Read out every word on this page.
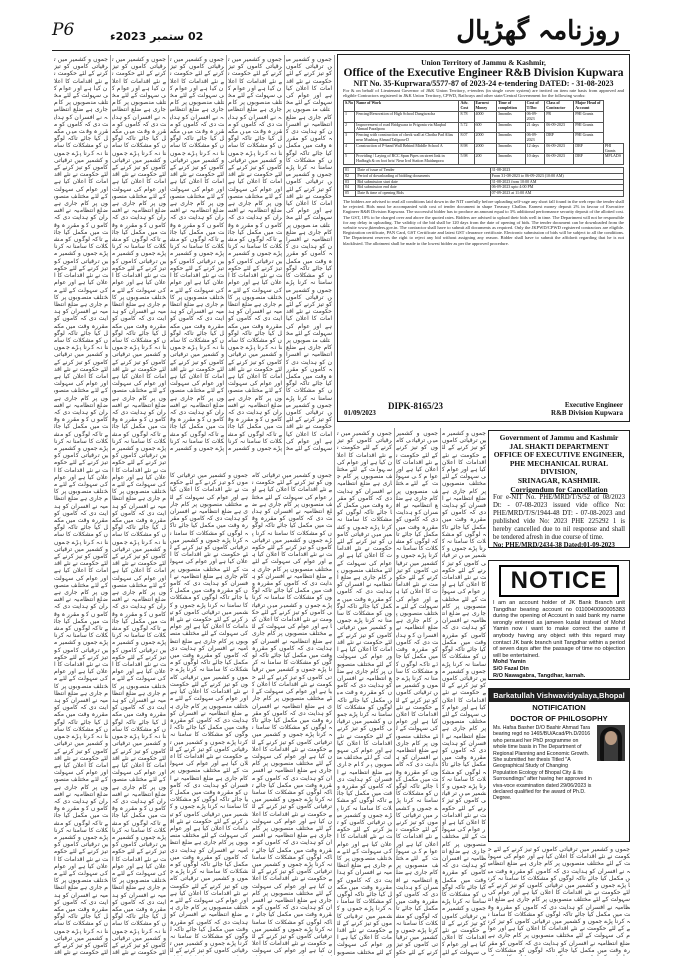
P6	02 ستمبر 2023ء	روزنامہ گھڑیال
جموں و کشمیر میں ترقیاتی کاموں کو تیز کرنے کے لئے حکومت نے نئے اقدامات کا اعلان کیا ہے اور عوام کی سہولت کے لئے مختلف منصوبوں پر کام جاری ہے ضلع انتظامیہ نے افسران کو ہدایت دی کہ کاموں کو مقررہ وقت میں مکمل کیا جائے تاکہ لوگوں کو مشکلات کا سامنا نہ کرنا پڑے جموں و کشمیر میں ترقیاتی کاموں کو تیز کرنے کے لئے حکومت نے نئے اقدامات کا اعلان کیا ہے اور عوام کی سہولت کے لئے مختلف منصوبوں پر کام جاری ہے ضلع انتظامیہ نے افسران کو ہدایت دی کہ کاموں کو مقررہ وقت میں مکمل کیا جائے تاکہ لوگوں کو مشکلات کا سامنا نہ کرنا پڑے جموں و کشمیر میں ترقیاتی کاموں کو تیز کرنے کے لئے حکومت نے نئے اقدامات کا اعلان کیا ہے اور عوام کی سہولت کے لئے مختلف منصوبوں پر کام جاری ہے ضلع انتظامیہ نے افسران کو ہدایت دی کہ کاموں کو مقررہ وقت میں مکمل کیا جائے تاکہ لوگوں کو مشکلات کا سامنا نہ کرنا پڑے جموں و کشمیر میں ترقیاتی کاموں کو تیز کرنے کے لئے حکومت نے نئے اقدامات کا اعلان کیا ہے اور عوام کی سہولت کے لئے مختلف منصوبوں پر کام جاری ہے ضلع انتظامیہ نے افسران کو ہدایت دی کہ کاموں کو مقررہ وقت میں مکمل کیا جائے تاکہ لوگوں کو مشکلات کا سامنا نہ کرنا پڑے جموں و کشمیر میں ترقیاتی کاموں کو تیز کرنے کے لئے حکومت نے نئے اقدامات کا اعلان کیا ہے اور عوام کی سہولت کے لئے مختلف منصوبوں پر کام جاری ہے ضلع انتظامیہ نے افسران کو ہدایت دی کہ کاموں کو مقررہ وقت میں مکمل کیا جائے تاکہ لوگوں کو مشکلات کا سامنا نہ کرنا پڑے جموں و کشمیر میں ترقیاتی کاموں کو تیز کرنے کے لئے حکومت نے نئے اقدامات کا اعلان کیا ہے اور عوام کی سہولت کے لئے مختلف منصوبوں پر کام جاری ہے ضلع انتظامیہ نے افسران کو ہدایت دی کہ کاموں کو مقررہ وقت میں مکمل کیا جائے تاکہ لوگوں کو مشکلات کا سامنا نہ کرنا پڑے جموں و کشمیر میں ترقیاتی کاموں کو تیز کرنے کے لئے حکومت نے نئے اقدامات کا اعلان کیا ہے اور عوام کی سہولت کے لئے مختلف منصوبوں پر کام جاری ہے ضلع انتظامیہ نے افسران کو ہدایت دی کہ کاموں کو مقررہ وقت میں مکمل کیا جائے تاکہ لوگوں کو مشکلات کا سامنا نہ کرنا پڑے جموں و کشمیر میں ترقیاتی کاموں کو تیز کرنے کے لئے حکومت نے نئے اقدامات کا اعلان کیا ہے اور عوام کی سہولت کے لئے مختلف منصوبوں پر کام جاری ہے ضلع انتظامیہ نے افسران کو ہدایت دی کہ کاموں کو مقررہ وقت میں مکمل کیا جائے تاکہ لوگوں کو مشکلات کا سامنا نہ کرنا پڑے جموں و کشمیر میں ترقیاتی کاموں کو تیز کرنے کے لئے حکومت نے نئے اقدامات کا اعلان کیا ہے اور عوام کی سہولت کے لئے مختلف منصوبوں پر کام جاری ہے ضلع انتظامیہ نے افسران کو ہدایت دی کہ کاموں کو مقررہ وقت میں مکمل کیا جائے تاکہ لوگوں کو مشکلات کا سامنا نہ کرنا پڑے جموں و کشمیر میں ترقیاتی کاموں کو تیز کرنے کے لئے حکومت نے نئے اقد
جموں و کشمیر میں ترقیاتی کاموں کو تیز کرنے کے لئے حکومت نے نئے اقدامات کا اعلان کیا ہے اور عوام کی سہولت کے لئے مختلف منصوبوں پر کام جاری ہے ضلع انتظامیہ نے افسران کو ہدایت دی کہ کاموں کو مقررہ وقت میں مکمل کیا جائے تاکہ لوگوں کو مشکلات کا سامنا نہ کرنا پڑے جموں و کشمیر میں ترقیاتی کاموں کو تیز کرنے کے لئے حکومت نے نئے اقدامات کا اعلان کیا ہے اور عوام کی سہولت کے لئے مختلف منصوبوں پر کام جاری ہے ضلع انتظامیہ نے افسران کو ہدایت دی کہ کاموں کو مقررہ وقت میں مکمل کیا جائے تاکہ لوگوں کو مشکلات کا سامنا نہ کرنا پڑے جموں و کشمیر میں ترقیاتی کاموں کو تیز کرنے کے لئے حکومت نے نئے اقدامات کا اعلان کیا ہے اور عوام کی سہولت کے لئے مختلف منصوبوں پر کام جاری ہے ضلع انتظامیہ نے افسران کو ہدایت دی کہ کاموں کو مقررہ وقت میں مکمل کیا جائے تاکہ لوگوں کو مشکلات کا سامنا نہ کرنا پڑے جموں و کشمیر میں ترقیاتی کاموں کو تیز کرنے کے لئے حکومت نے نئے اقدامات کا اعلان کیا ہے اور عوام کی سہولت کے لئے مختلف منصوبوں پر کام جاری ہے ضلع انتظامیہ نے افسران کو ہدایت دی کہ کاموں کو مقررہ وقت میں مکمل کیا جائے تاکہ لوگوں کو مشکلات کا سامنا نہ کرنا پڑے جموں و کشمیر میں ترقیاتی کاموں کو تیز کرنے کے لئے حکومت نے نئے اقدامات کا اعلان کیا ہے اور عوام کی سہولت کے لئے مختلف منصوبوں پر کام جاری ہے ضلع انتظامیہ نے افسران کو ہدایت دی کہ کاموں کو مقررہ وقت میں مکمل کیا جائے تاکہ لوگوں کو مشکلات کا سامنا نہ کرنا پڑے جموں و کشمیر میں ترقیاتی کاموں کو تیز کرنے کے لئے حکومت نے نئے اقدامات کا اعلان کیا ہے اور عوام کی سہولت کے لئے مختلف منصوبوں پر کام جاری ہے ضلع انتظامیہ نے افسران کو ہدایت دی کہ کاموں کو مقررہ وقت میں مکمل کیا جائے تاکہ لوگوں کو مشکلات کا سامنا نہ کرنا پڑے جموں و کشمیر میں ترقیاتی کاموں کو تیز کرنے کے لئے حکومت نے نئے اقدامات کا اعلان کیا ہے اور عوام کی سہولت کے لئے مختلف منصوبوں پر کام جاری ہے ضلع انتظامیہ نے افسران کو ہدایت دی کہ کاموں کو مقررہ وقت میں مکمل کیا جائے تاکہ لوگوں کو مشکلات کا سامنا نہ کرنا پڑے جموں و کشمیر میں ترقیاتی کاموں کو تیز کرنے کے لئے حکومت نے نئے اقدامات کا اعلان کیا ہے اور عوام کی سہولت کے لئے مختلف منصوبوں پر کام جاری ہے ضلع انتظامیہ نے افسران کو ہدایت دی کہ کاموں کو مقررہ وقت میں مکمل کیا جائے تاکہ لوگوں کو مشکلات کا سامنا نہ کرنا پڑے جموں و کشمیر میں ترقیاتی کاموں کو تیز کرنے کے لئے حکومت نے نئے اقدامات کا اعلان کیا ہے اور عوام کی سہولت کے لئے مختلف منصوبوں پر کام جاری ہے ضلع انتظامیہ نے افسران کو ہدایت دی کہ کاموں کو مقررہ وقت میں مکمل کیا جائے تاکہ لوگوں کو مشکلات کا سامنا نہ کرنا پڑے جموں و کشمیر میں ترقیاتی کاموں کو تیز کرنے کے لئے حکومت نے نئے اقد
جموں و کشمیر میں ترقیاتی کاموں کو تیز کرنے کے لئے حکومت نے نئے اقدامات کا اعلان کیا ہے اور عوام کی سہولت کے لئے مختلف منصوبوں پر کام جاری ہے ضلع انتظامیہ نے افسران کو ہدایت دی کہ کاموں کو مقررہ وقت میں مکمل کیا جائے تاکہ لوگوں کو مشکلات کا سامنا نہ کرنا پڑے جموں و کشمیر میں ترقیاتی کاموں کو تیز کرنے کے لئے حکومت نے نئے اقدامات کا اعلان کیا ہے اور عوام کی سہولت کے لئے مختلف منصوبوں پر کام جاری ہے ضلع انتظامیہ نے افسران کو ہدایت دی کہ کاموں کو مقررہ وقت میں مکمل کیا جائے تاکہ لوگوں کو مشکلات کا سامنا نہ کرنا پڑے جموں و کشمیر میں ترقیاتی کاموں کو تیز کرنے کے لئے حکومت نے نئے اقدامات کا اعلان کیا ہے اور عوام کی سہولت کے لئے مختلف منصوبوں پر کام جاری ہے ضلع انتظامیہ نے افسران کو ہدایت دی کہ کاموں کو مقررہ وقت میں مکمل کیا جائے تاکہ لوگوں کو مشکلات کا سامنا نہ کرنا پڑے جموں و کشمیر میں ترقیاتی کاموں کو تیز کرنے کے لئے حکومت نے نئے اقدامات کا اعلان کیا ہے اور عوام کی سہولت کے لئے مختلف منصوبوں پر کام جاری ہے ضلع انتظامیہ نے افسران کو ہدایت دی کہ کاموں کو مقررہ وقت میں مکمل کیا جائے تاکہ لوگوں کو مشکلات کا سامنا نہ کرنا پڑے جموں و کشمیر م
جموں و کشمیر میں ترقیاتی کاموں کو تیز کرنے کے لئے حکومت نے نئے اقدامات کا اعلان کیا ہے اور عوام کی سہولت کے لئے مختلف منصوبوں پر کام جاری ہے ضلع انتظامیہ نے افسران کو ہدایت دی کہ کاموں کو مقررہ وقت میں مکمل کیا جائے تاکہ لوگوں کو مشکلات کا سامنا نہ کرنا پڑے جموں و کشمیر میں ترقیاتی کاموں کو تیز کرنے کے لئے حکومت نے نئے اقدامات کا اعلان کیا ہے اور عوام کی سہولت کے لئے مختلف منصوبوں پر کام جاری ہے ضلع انتظامیہ نے افسران کو ہدایت دی کہ کاموں کو مقررہ وقت میں مکمل کیا جائے تاکہ لوگوں کو مشکلات کا سامنا نہ کرنا پڑے جموں و کشمیر میں ترقیاتی کاموں کو تیز کرنے کے لئے حکومت نے نئے اقدامات کا اعلان کیا ہے اور عوام کی سہولت کے لئے مختلف منصوبوں پر کام جاری ہے ضلع انتظامیہ نے افسران کو ہدایت دی کہ کاموں کو مقررہ وقت میں مکمل کیا جائے تاکہ لوگوں کو مشکلات کا سامنا نہ کرنا پڑے جموں و کشمیر میں ترقیاتی کاموں کو تیز کرنے کے لئے حکومت نے نئے اقدامات کا اعلان کیا ہے اور عوام کی سہولت کے لئے مختلف منصوبوں پر کام جاری ہے ضلع انتظامیہ نے افسران کو ہدایت دی کہ کاموں کو مقررہ وقت میں مکمل کیا جائے تاکہ لوگوں کو مشکلات کا سامنا نہ کرنا پڑے جموں و کشمیر م
جموں و کشمیر میں ترقیاتی کاموں کو تیز کرنے کے لئے حکومت نے نئے اقدامات کا اعلان کیا ہے اور عوام کی سہولت کے لئے مختلف منصوبوں پر کام جاری ہے ضلع انتظامیہ نے افسران کو ہدایت دی کہ کاموں کو مقررہ وقت میں مکمل کیا جائے تاکہ لوگوں کو مشکلات کا سامنا نہ کرنا پڑے جموں و کشمیر میں ترقیاتی کاموں کو تیز کرنے کے لئے حکومت نے نئے اقدامات کا اعلان کیا ہے اور عوام کی سہولت کے لئے مختلف منصوبوں پر کام جاری ہے ضلع انتظامیہ نے افسران کو ہدایت دی کہ کاموں کو مقررہ وقت میں مکمل کیا جائے تاکہ لوگوں کو مشکلات کا سامنا نہ کرنا پڑے جموں و کشمیر میں ترقیاتی کاموں کو تیز کرنے کے لئے حکومت نے نئے اقدامات کا اعلان کیا ہے اور عوام کی سہولت کے لئے مختلف منصوبوں پر کام جاری ہے ضلع انتظامیہ نے افسران کو ہدایت دی کہ کاموں کو مقررہ وقت میں مکمل کیا جائے تاکہ لوگوں کو مشکلات کا سامنا نہ کرنا پڑے جموں و کشمیر میں ترقیاتی کاموں کو تیز کرنے کے لئے حکومت نے نئے اقدامات کا اعلان کیا ہے اور عوام کی سہولت کے لئے مخ
جموں و کشمیر میں ترقیاتی کاموں کو تیز کرنے کے لئے حکومت نے نئے اقدامات کا اعلان کیا ہے اور عوام کی سہولت کے لئے مختلف منصوبوں پر کام جاری ہے ضلع انتظامیہ نے افسران کو ہدایت دی کہ کاموں کو مقررہ وقت میں مکمل کیا جائے تاکہ لوگوں کو مشکلات کا سامنا نہ کرنا پڑے جموں و کشمیر میں ترقیاتی کاموں کو تیز کرنے کے لئے حکومت نے نئے اقدامات کا اعلان کیا ہے اور عوام کی سہولت کے لئے مختلف منصوبوں پر کام جاری ہے ضلع انتظامیہ نے افسران کو ہدایت دی کہ کاموں کو مقررہ وقت میں مکمل کیا جائے تاکہ لوگوں کو مشکلات کا سامنا نہ کرنا پڑے جموں و کشمیر میں ترقیاتی کاموں کو تیز کرنے کے لئے حکومت نے نئے اقدامات کا اعلان کیا ہے اور عوام کی سہولت کے لئے مختلف منصوبوں پر کام جاری ہے ضلع انتظامیہ نے افسران کو ہدایت دی کہ کاموں کو مقررہ وقت میں مکمل کیا جائے تاکہ لوگوں کو مشکلات کا سامنا نہ کرنا پڑے جموں و کشمیر میں ترقیاتی کاموں کو تیز کرنے کے لئے حکومت نے نئے اقدامات کا اعلان کیا ہے اور عوام کی سہولت کے لئے مختلف منصوبوں پر کام جاری ہے ضلع انتظامیہ نے افسران کو ہدایت دی کہ کاموں کو مقررہ وقت میں مکمل کیا جائے تاکہ لوگوں کو مشکلات کا سامنا نہ کرنا پڑے جموں و کشمیر میں ترقیاتی کاموں کو تیز کرنے کے لئے حکومت نے نئے اقدامات کا اعلان کیا ہے اور عوام کی سہولت کے لئے مختلف منصوبوں پر کام جاری ہے ضلع انتظامیہ نے افسران کو ہدایت دی کہ کاموں کو مقررہ وقت میں مکمل کیا جائے تاکہ لوگوں کو مشکلات کا سامنا نہ کرنا پڑے جموں و کشمیر میں ترقیاتی کاموں کو تیز کرنے کے لئے حکومت نے نئے اقدامات کا اعلان کیا ہے اور عوام کی سہولت کے لئے مختلف منصوبوں پر کام جاری ہے ضلع انتظامیہ نے افسران کو ہدایت دی کہ کاموں کو مقررہ وقت میں مکمل کیا جائے تاکہ لوگوں کو مشکلات کا سامنا نہ کرنا پڑے جموں و کشمیر میں ترقیاتی کاموں کو تیز کرنے کے لئے حکومت نے نئے اقدامات کا اعلان کیا ہے اور عوام کی سہولت کے لئے مختلف منصوبوں پر کام جاری ہے ضلع انتظامیہ نے افسران کو ہدایت دی کہ کاموں کو مقررہ وقت میں مکمل کیا جائے تاکہ لوگوں کو مشکلات کا سامنا نہ کرنا پڑے جموں و کشمیر میں ترقیاتی کاموں کو تیز کرنے کے لئ
جموں و کشمیر میں ترقیاتی کاموں کو تیز کرنے کے لئے حکومت نے نئے اقدامات کا اعلان کیا ہے اور عوام کی سہولت کے لئے مختلف منصوبوں پر کام جاری ہے ضلع انتظامیہ نے افسران کو ہدایت دی کہ کاموں کو مقررہ وقت میں مکمل کیا جائے تاکہ لوگوں کو مشکلات کا سامنا نہ کرنا پڑے جموں و کشمیر میں ترقیاتی کاموں کو تیز کرنے کے لئے حکومت نے نئے اقدامات کا اعلان کیا ہے اور عوام کی سہولت کے لئے مختلف منصوبوں پر کام جاری ہے ضلع انتظامیہ نے افسران کو ہدایت دی کہ کاموں کو مقررہ وقت میں مکمل کیا جائے تاکہ لوگوں کو مشکلات کا سامنا نہ کرنا پڑے جموں و کشمیر میں ترقیاتی کاموں کو تیز کرنے کے لئے حکومت نے نئے اقدامات کا اعلان کیا ہے اور عوام کی سہولت کے لئے مختلف منصوبوں پر کام جاری ہے ضلع انتظامیہ نے افسران کو ہدایت دی کہ کاموں کو مقررہ وقت میں مکمل کیا جائے تاکہ لوگوں کو مشکلات کا سامنا نہ کرنا پڑے جموں و کشمیر میں ترقیاتی کاموں کو تیز کرنے کے لئے حکومت نے نئے اقدامات کا اعلان کیا ہے اور عوام کی سہولت کے لئے مختلف منصوبوں پر کام جاری ہے ضلع انتظامیہ نے افسران کو ہدایت دی کہ کاموں کو مقررہ وقت میں مکمل کیا جائے تاکہ لوگوں کو مشکلات کا سامنا نہ کرنا پڑے جموں و کشمیر میں ترقیاتی کاموں کو تیز کرنے کے لئے حکومت نے نئے اقدامات کا اعلان کیا ہے اور عوام کی سہولت کے لئے مختلف منصوبوں پر کام جاری ہے ضلع انتظامیہ نے افسران کو ہدایت دی کہ کاموں کو مقررہ وقت میں مکمل کیا جائے تاکہ لوگوں کو مشکلات کا سامنا نہ کرنا پڑے جموں و کشمیر میں ترقیاتی کاموں کو تیز کرنے کے لئے حکومت نے نئے اقدامات کا اعلان کیا ہے اور عوام کی سہولت کے لئے مختلف منصوبوں پر کام جاری ہے ضلع انتظامیہ نے افسران کو ہدایت دی کہ کاموں کو مقررہ وقت میں مکمل کیا جائے تاکہ لوگوں کو مشکلات کا سامنا نہ کرنا پڑے جموں و کشمیر میں ترقیاتی کاموں کو تیز کرنے کے لئے حکومت نے نئے اقدامات کا اعلان کیا ہے اور عوام کی سہولت کے لئے مختلف منصوبوں پر کام جاری ہے ضلع انتظامیہ نے افسران کو ہدایت دی کہ کاموں کو مقررہ وقت میں مکمل کیا جائے تاکہ لوگوں کو مشکلات کا سامنا نہ کرنا پڑے جموں و کشمیر میں ترقیاتی کاموں کو تیز کرنے کے لئے حکومت نے نئے اقدامات کا اعلان کیا ہے اور عوام کی سہولت
جموں و کشمیر میں ترقیاتی کاموں کو تیز کرنے کے لئے حکومت نے نئے اقدامات کا اعلان کیا ہے اور عوام کی سہولت کے لئے مختلف منصوبوں پر کام جاری ہے ضلع انتظامیہ نے افسران کو ہدایت دی کہ کاموں کو مقررہ وقت میں مکمل کیا جائے تاکہ لوگوں کو مشکلات کا سامنا نہ کرنا پڑے جموں و کشمیر میں ترقیاتی کاموں کو تیز کرنے کے لئے حکومت نے نئے اقدامات کا اعلان کیا ہے اور عوام کی سہولت کے لئے مختلف منصوبوں پر کام جاری ہے ضلع انتظامیہ نے افسران کو ہدایت دی کہ کاموں کو مقررہ وقت میں مکمل کیا جائے تاکہ لوگوں کو مشکلات کا سامنا نہ کرنا پڑے جموں و کشمیر میں ترقیاتی کاموں کو تیز کرنے کے لئے حکومت نے نئے اقدامات کا اعلان کیا ہے اور عوام کی سہولت کے لئے مختلف منصوبوں پر کام جاری ہے ضلع انتظامیہ نے افسران کو ہدایت دی کہ کاموں کو مقررہ وقت میں مکمل کیا جائے تاکہ لوگوں کو مشکلات کا سامنا نہ کرنا پڑے جموں و کشمیر میں ترقیاتی کاموں کو تیز کرنے کے لئے حکومت نے نئے اقدامات کا اعلان کیا ہے اور عوام کی سہولت کے لئے مختلف منصوبوں پر کام جاری ہے ضلع انتظامیہ نے افسران کو ہدایت دی کہ کاموں کو مقررہ وقت میں مکمل کیا جائے تاکہ لوگوں کو مشکلات کا سامنا نہ کرنا پڑے جموں و کشمیر میں ترقیاتی کاموں کو تیز کرنے کے لئے حکومت نے نئے اقدامات کا اعلان کیا ہے اور عوام کی سہولت کے لئے مختلف منصوبوں پر کام جاری ہے ضلع انتظامیہ نے افسران کو ہدایت دی کہ کاموں کو مقررہ وقت میں مکمل کیا جائے تاکہ لوگوں کو مشکلات کا سامنا نہ کرنا پڑے جموں و کشمیر میں ترقیاتی کاموں کو تیز کرنے کے لئے حکومت نے نئے اقدامات کا اعلان کیا ہے اور عوام کی سہولت کے لئے مختلف منصوبو
جموں و کشمیر میں ترقیاتی کاموں کو تیز کرنے کے لئے حکومت نے نئے اقدامات کا اعلان کیا ہے اور عوام کی سہولت کے لئے مختلف منصوبوں پر کام جاری ہے ضلع انتظامیہ نے افسران کو ہدایت دی کہ کاموں کو مقررہ وقت میں مکمل کیا جائے تاکہ لوگوں کو مشکلات کا سامنا نہ کرنا پڑے جموں و کشمیر میں ترقیاتی کاموں کو تیز کرنے کے لئے حکومت نے نئے اقدامات کا اعلان کیا ہے اور عوام کی سہولت کے لئے مختلف منصوبوں پر کام جاری ہے ضلع انتظامیہ نے افسران کو ہدایت دی کہ کاموں کو مقررہ وقت میں مکمل کیا جائے تاکہ لوگوں کو مشکلات کا سامنا نہ کرنا پڑے جموں و کشمیر میں ترقیاتی کاموں کو تیز کرنے کے لئے حکومت نے نئے اقدامات کا اعلان کیا ہے اور عوام کی سہولت کے لئے مختلف منصوبوں پر کام جاری ہے ضلع انتظامیہ نے افسران کو ہدایت دی کہ کاموں کو مقررہ وقت میں مکمل کیا جائے تاکہ لوگوں کو مشکلات کا سامنا نہ کرنا پڑے جموں و کشمیر میں ترقیاتی کاموں کو تیز کرنے کے لئے حکومت نے نئے اقدامات کا اعلان کیا ہے اور عوام کی سہولت کے لئے مختلف منصوبوں پر کام جاری ہے ضلع انتظامیہ نے افسران کو ہدایت دی کہ کاموں کو مقررہ وقت میں مکمل کیا جائے تاکہ لوگوں کو مشکلات کا سامنا نہ کرنا پڑے جموں و کشمیر میں ترقیاتی کاموں کو تیز کرنے کے لئے حکو
جموں و کشمیر میں ترقیاتی کاموں کو تیز کرنے کے لئے حکومت نے نئے اقدامات کا اعلان کیا ہے اور عوام کی سہولت کے لئے مختلف منصوبوں پر کام جاری ہے ضلع انتظامیہ نے افسران کو ہدایت دی کہ کاموں کو مقررہ وقت میں مکمل کیا جائے تاکہ لوگوں کو مشکلات کا سامنا نہ کرنا پڑے جموں و کشمیر میں ترقیاتی کاموں کو تیز کرنے کے لئے حکومت نے نئے اقدامات کا اعلان کیا ہے اور عوام کی سہولت کے لئے مختلف منصوبوں پر کام جاری ہے ضلع انتظامیہ نے افسران کو ہدایت دی کہ کاموں کو مقررہ وقت میں مکمل کیا جائے تاکہ لوگوں کو مشکلات کا سامنا نہ کرنا پڑے جموں و کشمیر میں ترقیاتی کاموں کو تیز کرنے کے لئے حکومت نے نئے اقدامات کا اعلان کیا ہے اور عوام کی سہولت کے لئے مختلف منصوبوں پر کام جاری ہے ضلع انتظامیہ نے افسران کو ہدایت دی کہ کاموں کو مقررہ وقت میں مکمل کیا جائے تاکہ لوگوں کو مشکلات کا سامنا نہ کرنا پڑے جموں و کشمیر میں ترقیاتی کاموں کو تیز کرنے کے لئے حکومت نے نئے اقدامات کا اعلان کیا ہے اور عوام کی سہولت کے لئے مختلف منصوبوں پر کام جاری ہے ضلع انتظامیہ نے افسران کو ہدایت دی کہ کاموں کو مقررہ وقت میں مکمل کیا جائے تاکہ لوگوں کو مشکلات کا سامنا نہ کرنا پڑے جموں و کشمیر میں ترقیاتی کاموں کو تیز کرنے کے لئے حکومت نے نئے اقدامات کا اعلان کیا ہے اور عوام کی سہولت کے لئے
جموں و کشمیر میں ترقیاتی کاموں کو تیز کرنے کے لئے حکومت نے نئے اقدامات کا اعلان کیا ہے اور عوام کی سہولت کے لئے مختلف منصوبوں پر کام جاری ہے ضلع انتظامیہ نے افسران کو ہدایت دی کہ کاموں کو مقررہ وقت میں مکمل کیا جائے تاکہ لوگوں کو مشکلات کا سامنا نہ کرنا پڑے جموں و کشمیر میں ترقیاتی کاموں کو تیز کرنے کے لئے حکومت نے نئے اقدامات کا اعلان کیا ہے اور عوام کی سہولت کے لئے مختلف منصوبوں پر کام جاری ہے ضلع انتظامیہ نے افسران کو ہدایت دی کہ کاموں کو مقررہ وقت میں مکمل کیا جائے تاکہ لوگوں کو مشکلات کا سامنا نہ کرنا پڑے جموں و کشمیر میں ترقیاتی کاموں کو تیز کرنے کے لئے حکومت نے نئے اقدامات کا اعلان کیا ہے اور عوام کی سہولت کے لئے مختلف منصوبوں پر کام جاری ہے ضلع انتظامیہ نے افسران کو ہدایت دی کہ کاموں کو مقررہ وقت میں مکمل کیا جائے تاکہ لوگوں کو مشکلات کا
Union Territory of Jammu & Kashmir,
Office of the Executive Engineer R&B Division Kupwara
NIT No. 35-Kuprwara/5577-87 of 2023-24 e-tendering DATED: - 31-08-2023
For & on behalf of Lieutenant Governor of J&K Union Territory, e-tenders (in single cover system) are invited on item rate basis from approved and eligible Contractors registered in J&K Union Territory, CPWD, Railways and other state/Central Government for the following works:
S.No	Name of Work	Adv. Cost	Earnest Money	Time of completion	Cost of T/Doc	Class of Contractor	Major Head of Account	
1	Fencing/Renovation of High School Dangiwacha	8.78	4000	3months	06-09-2023	PR	PHI Grants	
2	Improvement of road Bridgwara to Prigonia via Maqbul Ahmad Pazalpora	5.72	600	3months	21 days	06-09-2023	PHI Grants	
3	Fencing with construction of check wall at Chotha Pad Alias near Mushtaq Ahmad Talipora-D	8.07	2000	3months	06-09-2023	DRF	PHI Grants	
4	Construction of P-band Wall Behind Middle School A	8.98	2000	3months	12 days	06-09-2023	DRF	PHI Grants
5	Providing / Laying of RCC Spun Pipes on street link in Hadbagh & on foot bris/ Near Irrd Station Maidanpora	5.98	200	3months	10 days	06-09-2023	DRF	MPLADS
01	Date of issue of Tender	31-08-2023
02	Period of downloading of bidding documents	From 31-08-2023 to 06-09-2023 (10:00 AM)
03	Bid submission start date	31-08-2023 from 10:00 AM
04	Bid submission end date	06-09-2023 upto 4:00 PM
05	Date & time of opening Bids	07-09-2023 at 11:00 AM
The bidders are advised to read all conditions laid down in the NIT carefully before uploading self-cage any short fall found in the web repo the tender shall be rejected. Bids must be accompanied with cost of tender document in shape Treasury Challan. Earnest money deposit 2% in favour of Executive Engineer R&B Division Kupwara. The successful bidder has to produce an amount equal to 3% additional performance security deposit of the allotted cost. The GST, 18% to be charged over and above the quoted rates. Bidders are advised to upload their bids well in time. The Department will not be responsible for any delay in uploading. The validity of the bid shall be 120 days from the date of opening of bids. The tender document can be downloaded from the website www.jktenders.gov.in. The contractor shall have to submit all documents as required. Only the JKPWD/CPWD registered contractors are eligible. Registration certificate, PAN Card, GST Certificate and latest GST clearance certificate. Electronic submission of bids will be subject to all the conditions. The Department reserves the right to reject any bid without assigning any reason. Bidder shall have to submit the affidavit regarding that he is not blacklisted. The allotment shall be made to the lowest bidder as per the approved procedure.
01/09/2023
DIPK-8165/23	Executive Engineer
R&B Division Kupwara
Government of Jammu and Kashmir
JAL SHAKTI DEPARTMENT
OFFICE OF EXECUTIVE ENGINEER,
PHE MECHANICAL RURAL DIVISION,
SRINAGAR, KASHMIR.
Corrigendum for Cancellation
For e-NIT No. PHE/MRD/T/S/52 of 08/2023 Dt: - 07-08-2023 issued vide office No: PHE/MRD/T/S/1944-48 DT: - 07-08-2023 and published vide No: 2023 PHE 225292 1 is hereby cancelled due to nil response and shall be tendered afresh in due course of time.
No: PHE/MRD/2434-38 Dated:01-09-2023
NOTICE
I am an account holder of JK Bank Branch unit Tangdhar bearing account no 0110040090005383 during the opening of Account in said bank my name wrongly entered as jameen kuslal instead of Mohd Yamin now i want to make correct the same if anybody having any object with this regard may contact JK bank branch unit Tangdhar within a period of seven days after the passage of time no objection will be entertained.
Mohd Yamin
S/O Fazal Din
R/O Nawagabra, Tangdhar, karnah.
Barkatullah Vishwavidyalaya,Bhopal
NOTIFICATION
DOCTOR OF PHILOSOPHY
Ms. Hafsa Basher D/O Bashir Ahmad Tara bearing regd no 1465/BU/Acad/Ph.D/2016 who persued her PhD programme on whole time basis in The Department of Regional Planning and Economic Growth. She submitted her thesis Titled "A Geographical Study of Changing Population Ecology of Bhopal City & its Surroundings" after having her approved in viva-voce examination dated 29/06/2023 is declared qualified for the award of Ph.D. Degree.
